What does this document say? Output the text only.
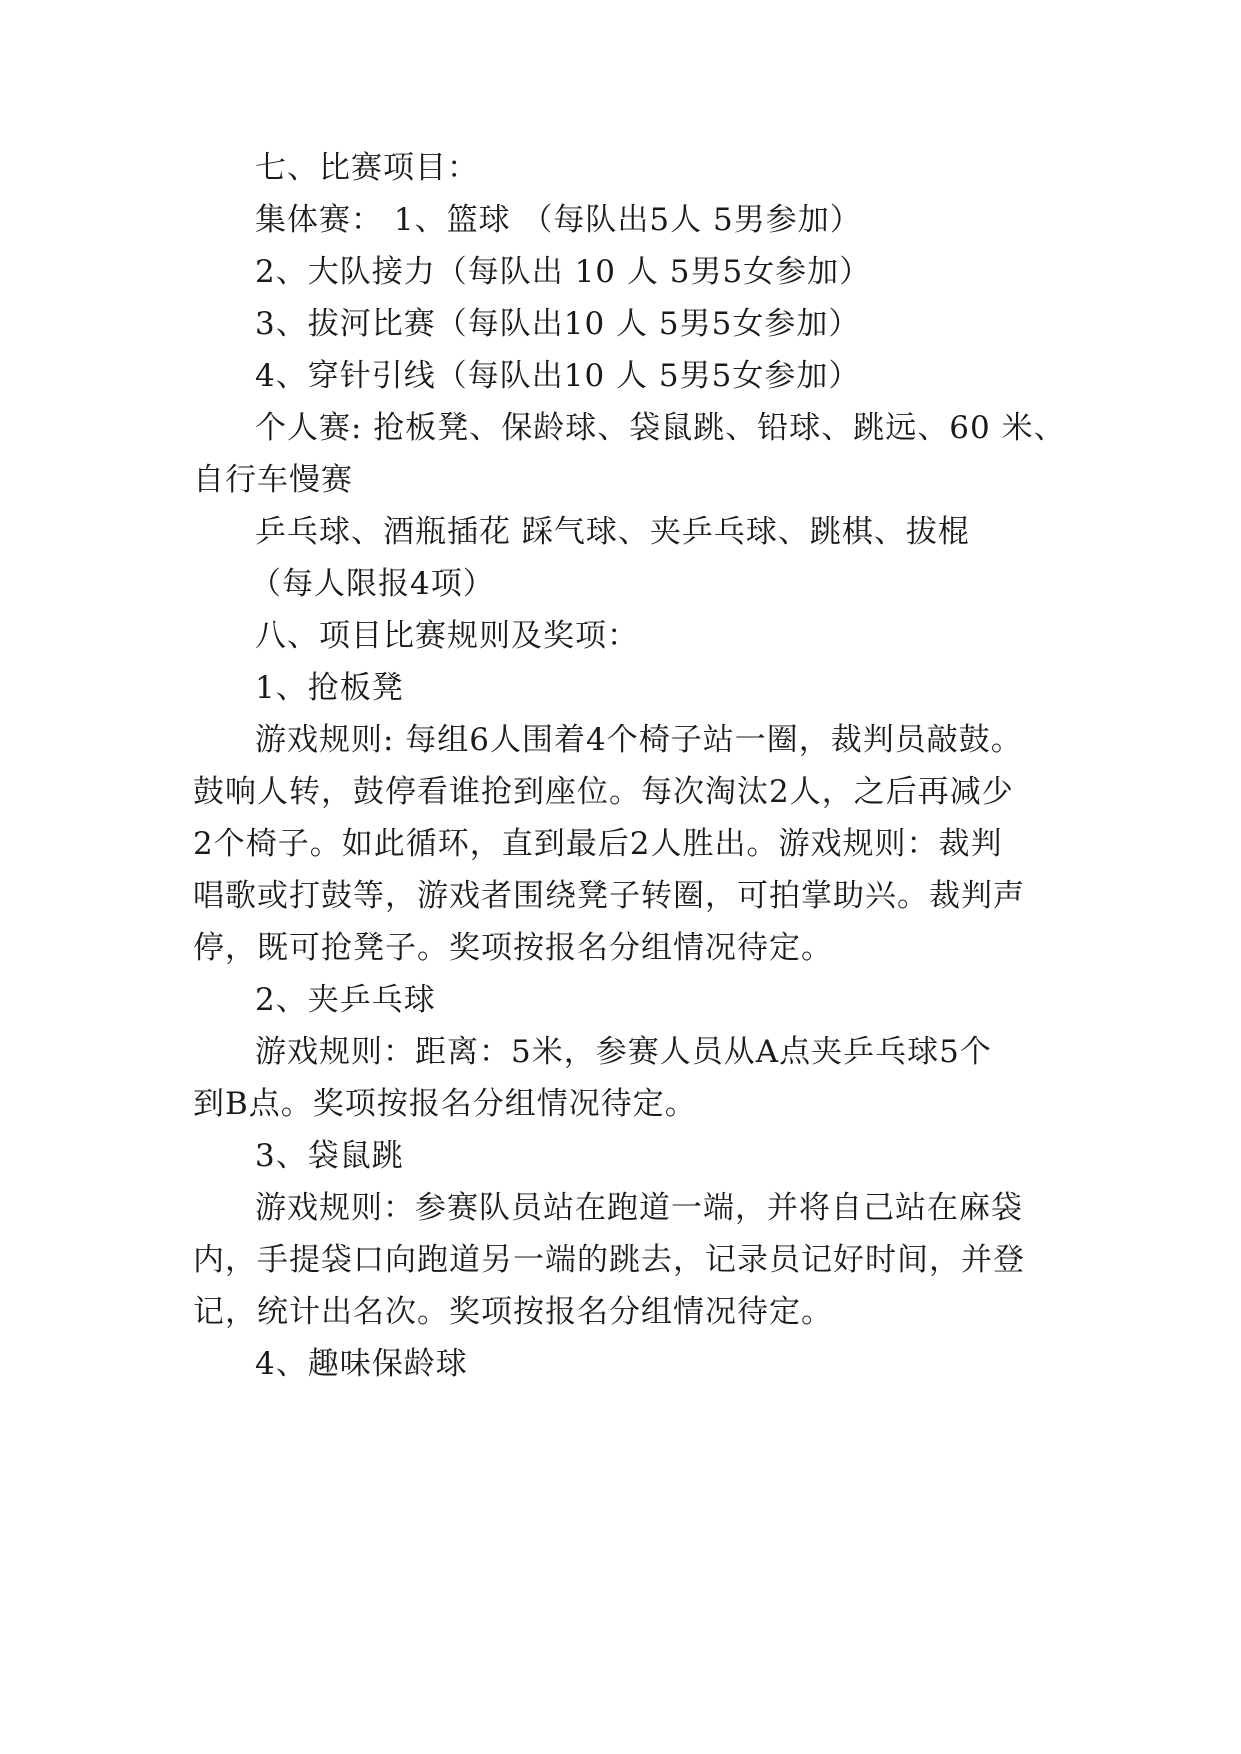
七、比赛项目：
集体赛： 1、篮球 （每队出5人 5男参加）
2、大队接力（每队出 10 人 5男5女参加）
3、拔河比赛（每队出10 人 5男5女参加）
4、穿针引线（每队出10 人 5男5女参加）
个人赛: 抢板凳、保龄球、袋鼠跳、铅球、跳远、60 米、
自行车慢赛
乒乓球、酒瓶插花 踩气球、夹乒乓球、跳棋、拔棍
（每人限报4项）
八、项目比赛规则及奖项：
1、抢板凳
游戏规则: 每组6人围着4个椅子站一圈，裁判员敲鼓。
鼓响人转，鼓停看谁抢到座位。每次淘汰2人，之后再减少
2个椅子。如此循环，直到最后2人胜出。游戏规则：裁判
唱歌或打鼓等，游戏者围绕凳子转圈，可拍掌助兴。裁判声
停，既可抢凳子。奖项按报名分组情况待定。
2、夹乒乓球
游戏规则：距离：5米，参赛人员从A点夹乒乓球5个
到B点。奖项按报名分组情况待定。
3、袋鼠跳
游戏规则：参赛队员站在跑道一端，并将自己站在麻袋
内，手提袋口向跑道另一端的跳去，记录员记好时间，并登
记，统计出名次。奖项按报名分组情况待定。
4、趣味保龄球
